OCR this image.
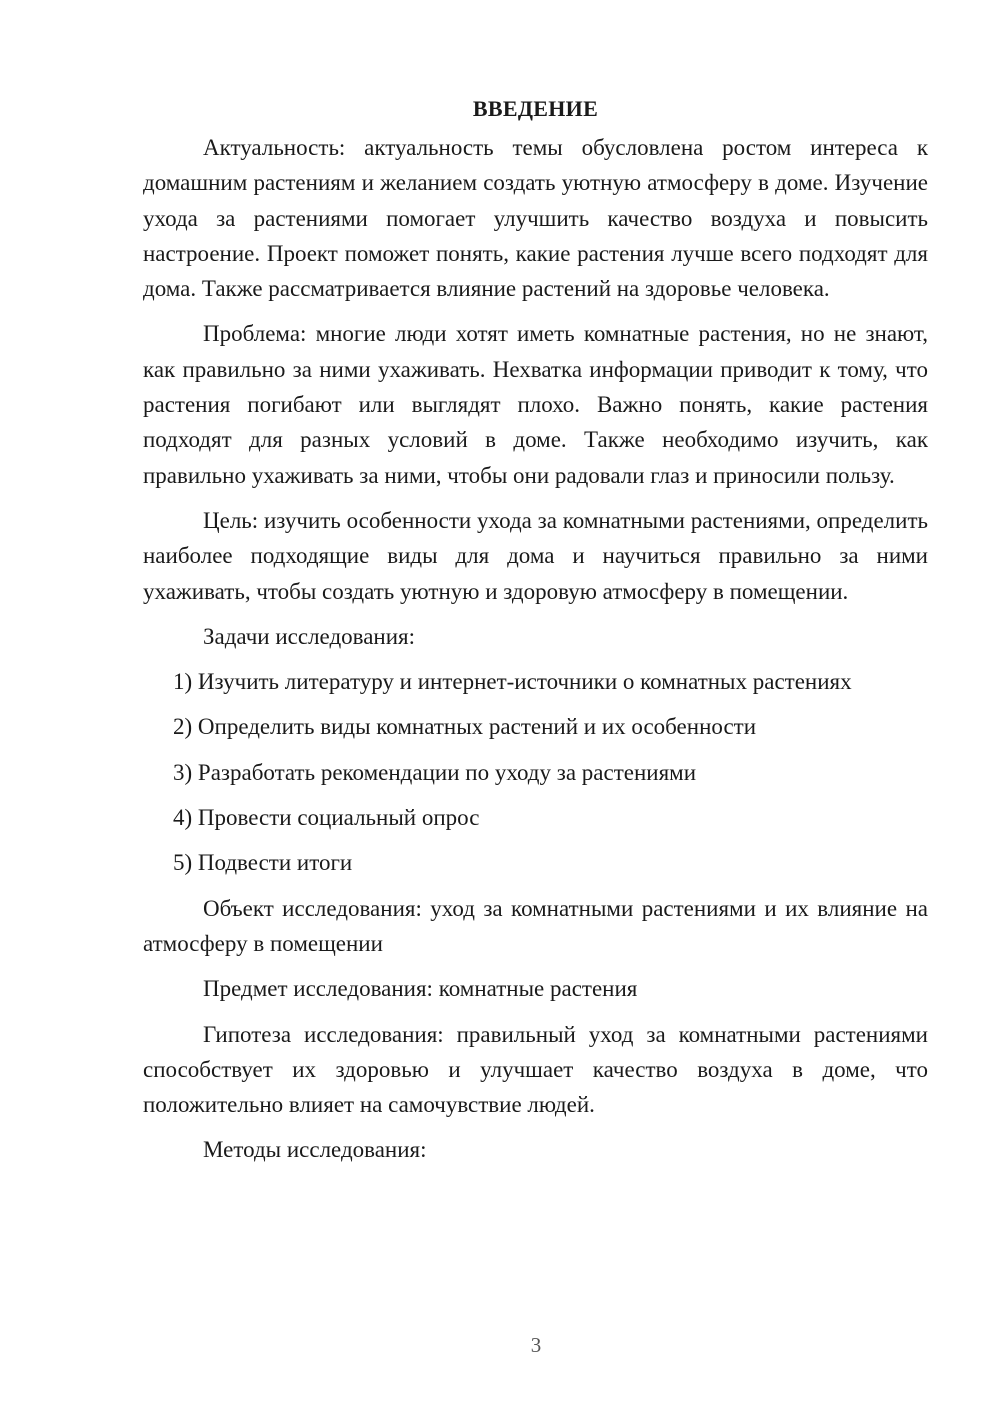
ВВЕДЕНИЕ

Актуальность: актуальность темы обусловлена ростом интереса к домашним растениям и желанием создать уютную атмосферу в доме. Изучение ухода за растениями помогает улучшить качество воздуха и повысить настроение. Проект поможет понять, какие растения лучше всего подходят для дома. Также рассматривается влияние растений на здоровье человека.

Проблема: многие люди хотят иметь комнатные растения, но не знают, как правильно за ними ухаживать. Нехватка информации приводит к тому, что растения погибают или выглядят плохо. Важно понять, какие растения подходят для разных условий в доме. Также необходимо изучить, как правильно ухаживать за ними, чтобы они радовали глаз и приносили пользу.

Цель: изучить особенности ухода за комнатными растениями, определить наиболее подходящие виды для дома и научиться правильно за ними ухаживать, чтобы создать уютную и здоровую атмосферу в помещении.

Задачи исследования:

1) Изучить литературу и интернет-источники о комнатных растениях
2) Определить виды комнатных растений и их особенности
3) Разработать рекомендации по уходу за растениями
4) Провести социальный опрос
5) Подвести итоги

Объект исследования: уход за комнатными растениями и их влияние на атмосферу в помещении

Предмет исследования: комнатные растения

Гипотеза исследования: правильный уход за комнатными растениями способствует их здоровью и улучшает качество воздуха в доме, что положительно влияет на самочувствие людей.

Методы исследования:

3
